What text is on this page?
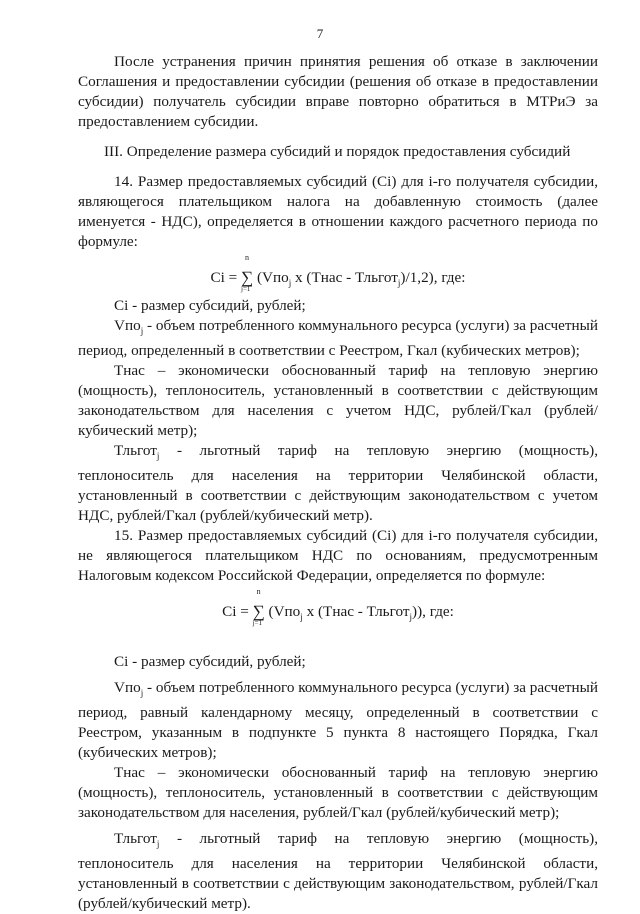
7

После устранения причин принятия решения об отказе в заключении Соглашения и предоставлении субсидии (решения об отказе в предоставлении субсидии) получатель субсидии вправе повторно обратиться в МТРиЭ за предоставлением субсидии.

III. Определение размера субсидий и порядок предоставления субсидий

14. Размер предоставляемых субсидий (Ci) для i-го получателя субсидии, являющегося плательщиком налога на добавленную стоимость (далее именуется - НДС), определяется в отношении каждого расчетного периода по формуле:

Ci = ∑
n
j=1
(Vпо$_j$ x (Тнас - Тльгот$_j$)/1,2), где:

Ci - размер субсидий, рублей;

Vпо$_j$ - объем потребленного коммунального ресурса (услуги) за расчетный период, определенный в соответствии с Реестром, Гкал (кубических метров);

Тнас – экономически обоснованный тариф на тепловую энергию (мощность), теплоноситель, установленный в соответствии с действующим законодательством для населения с учетом НДС, рублей/Гкал (рублей/кубический метр);

Тльгот$_j$ - льготный тариф на тепловую энергию (мощность), теплоноситель для населения на территории Челябинской области, установленный в соответствии с действующим законодательством с учетом НДС, рублей/Гкал (рублей/кубический метр).

15. Размер предоставляемых субсидий (Ci) для i-го получателя субсидии, не являющегося плательщиком НДС по основаниям, предусмотренным Налоговым кодексом Российской Федерации, определяется по формуле:

Ci = ∑
n
j=1
(Vпо$_j$ x (Тнас - Тльгот$_j$)), где:

Ci - размер субсидий, рублей;

Vпо$_j$ - объем потребленного коммунального ресурса (услуги) за расчетный период, равный календарному месяцу, определенный в соответствии с Реестром, указанным в подпункте 5 пункта 8 настоящего Порядка, Гкал (кубических метров);

Тнас – экономически обоснованный тариф на тепловую энергию (мощность), теплоноситель, установленный в соответствии с действующим законодательством для населения, рублей/Гкал (рублей/кубический метр);

Тльгот$_j$ - льготный тариф на тепловую энергию (мощность), теплоноситель для населения на территории Челябинской области, установленный в соответствии с действующим законодательством, рублей/Гкал (рублей/кубический метр).
